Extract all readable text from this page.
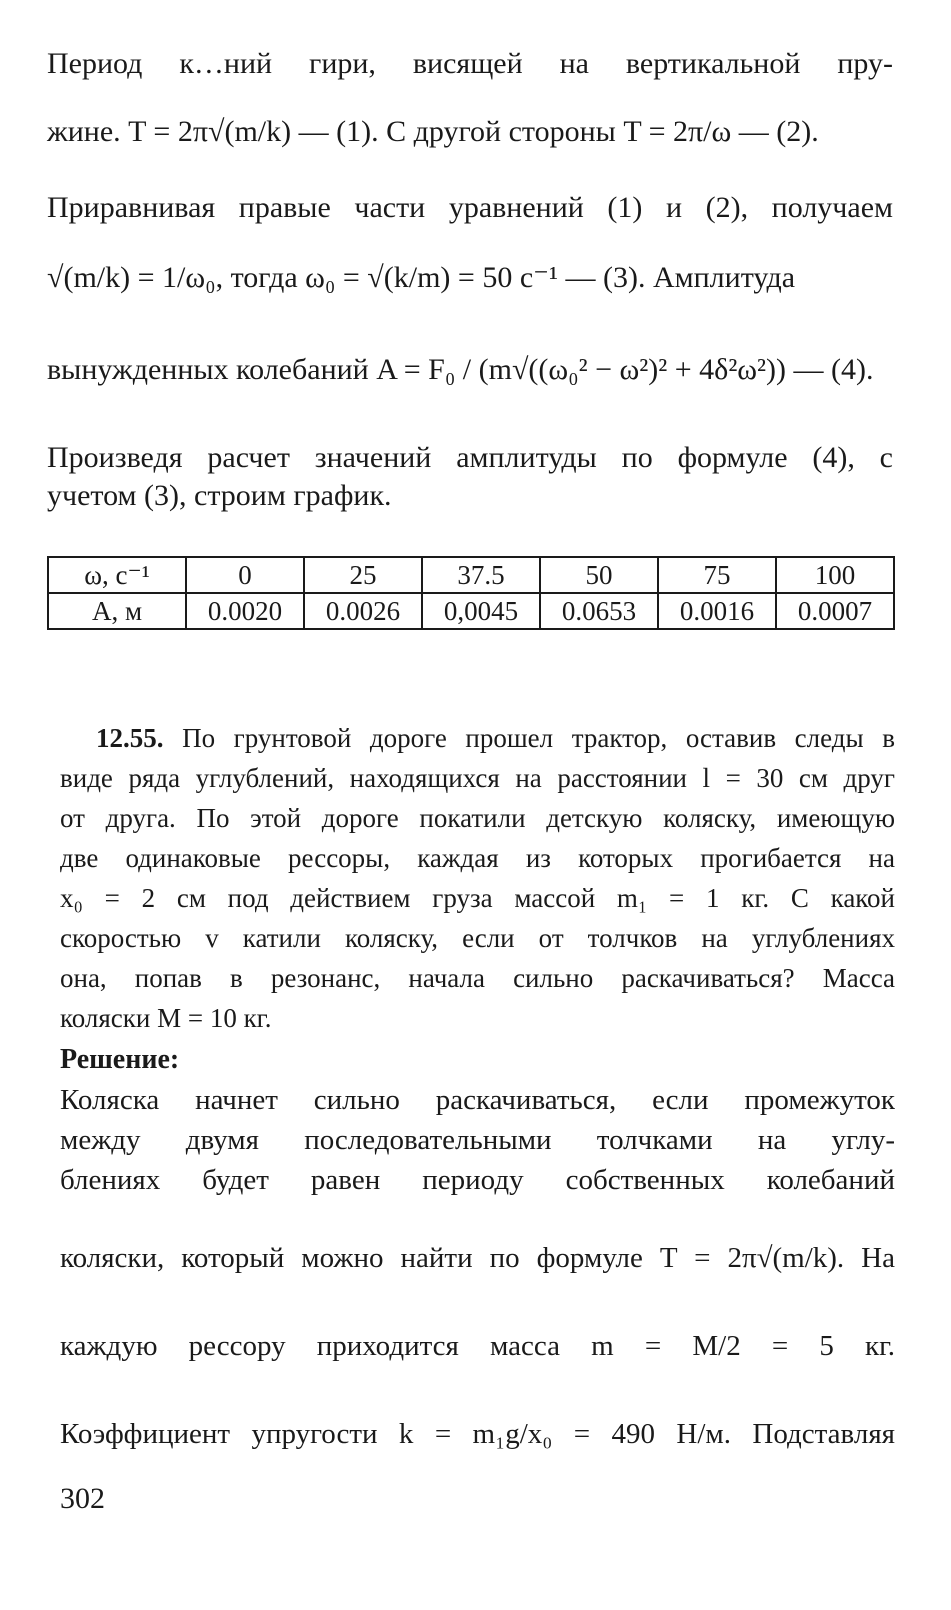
Период к…ний гири, висящей на вертикальной пру-
жине. T = 2π√(m/k) — (1). С другой стороны T = 2π/ω — (2).
Приравнивая правые части уравнений (1) и (2), получаем
√(m/k) = 1/ω₀, тогда ω₀ = √(k/m) = 50 с⁻¹ — (3). Амплитуда
вынужденных колебаний A = F₀ / (m√((ω₀² − ω²)² + 4δ²ω²)) — (4).
Произведя расчет значений амплитуды по формуле (4), с
учетом (3), строим график.
ω, с⁻¹	0	25	37.5	50	75	100
A, м	0.0020	0.0026	0,0045	0.0653	0.0016	0.0007
12.55. По грунтовой дороге прошел трактор, оставив следы в
виде ряда углублений, находящихся на расстоянии l = 30 см друг
от друга. По этой дороге покатили детскую коляску, имеющую
две одинаковые рессоры, каждая из которых прогибается на
x₀ = 2 см под действием груза массой m₁ = 1 кг. С какой
скоростью v катили коляску, если от толчков на углублениях
она, попав в резонанс, начала сильно раскачиваться? Масса
коляски M = 10 кг.
Решение:
Коляска начнет сильно раскачиваться, если промежуток
между двумя последовательными толчками на углу-
блениях будет равен периоду собственных колебаний
коляски, который можно найти по формуле T = 2π√(m/k). На
каждую рессору приходится масса m = M/2 = 5 кг.
Коэффициент упругости k = m₁g/x₀ = 490 Н/м. Подставляя
302
